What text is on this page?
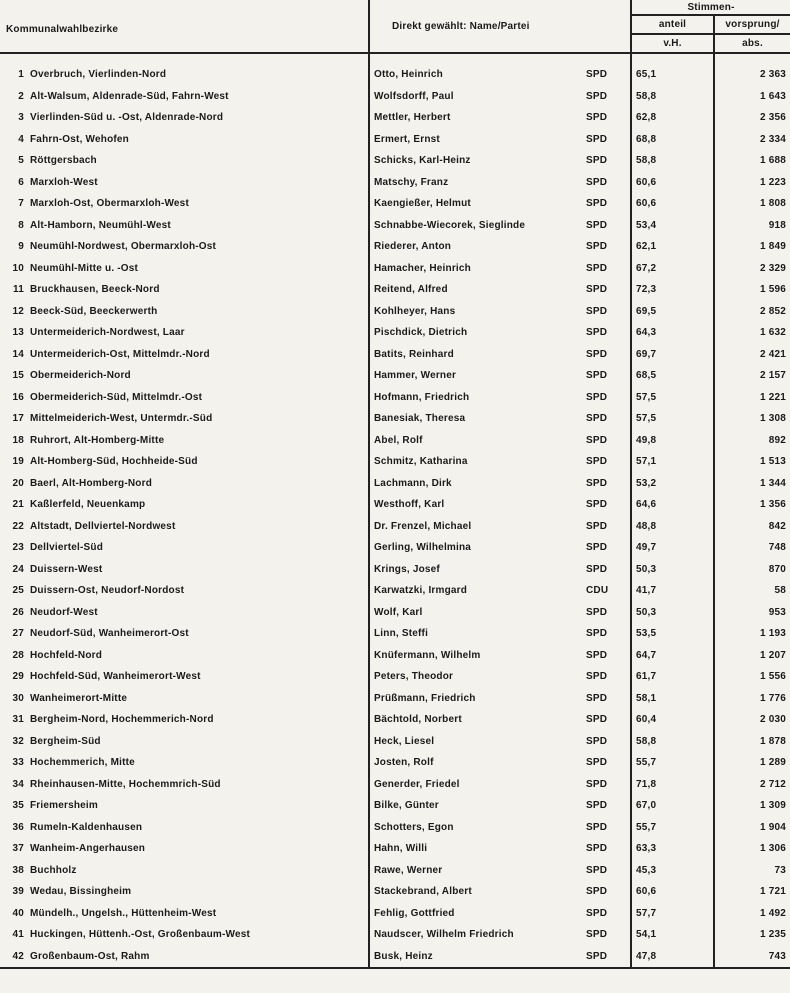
Kommunalwahlbezirke	Direkt gewählt: Name/Partei		Stimmen-	
			anteil	vorsprung/
			v.H.	abs.

1 Overbruch, Vierlinden-Nord	Otto, Heinrich	SPD	65,1	2 363
2 Alt-Walsum, Aldenrade-Süd, Fahrn-West	Wolfsdorff, Paul	SPD	58,8	1 643
3 Vierlinden-Süd u. -Ost, Aldenrade-Nord	Mettler, Herbert	SPD	62,8	2 356
4 Fahrn-Ost, Wehofen	Ermert, Ernst	SPD	68,8	2 334
5 Röttgersbach	Schicks, Karl-Heinz	SPD	58,8	1 688
6 Marxloh-West	Matschy, Franz	SPD	60,6	1 223
7 Marxloh-Ost, Obermarxloh-West	Kaengießer, Helmut	SPD	60,6	1 808
8 Alt-Hamborn, Neumühl-West	Schnabbe-Wiecorek, Sieglinde	SPD	53,4	918
9 Neumühl-Nordwest, Obermarxloh-Ost	Riederer, Anton	SPD	62,1	1 849
10 Neumühl-Mitte u. -Ost	Hamacher, Heinrich	SPD	67,2	2 329
11 Bruckhausen, Beeck-Nord	Reitend, Alfred	SPD	72,3	1 596
12 Beeck-Süd, Beeckerwerth	Kohlheyer, Hans	SPD	69,5	2 852
13 Untermeiderich-Nordwest, Laar	Pischdick, Dietrich	SPD	64,3	1 632
14 Untermeiderich-Ost, Mittelmdr.-Nord	Batits, Reinhard	SPD	69,7	2 421
15 Obermeiderich-Nord	Hammer, Werner	SPD	68,5	2 157
16 Obermeiderich-Süd, Mittelmdr.-Ost	Hofmann, Friedrich	SPD	57,5	1 221
17 Mittelmeiderich-West, Untermdr.-Süd	Banesiak, Theresa	SPD	57,5	1 308
18 Ruhrort, Alt-Homberg-Mitte	Abel, Rolf	SPD	49,8	892
19 Alt-Homberg-Süd, Hochheide-Süd	Schmitz, Katharina	SPD	57,1	1 513
20 Baerl, Alt-Homberg-Nord	Lachmann, Dirk	SPD	53,2	1 344
21 Kaßlerfeld, Neuenkamp	Westhoff, Karl	SPD	64,6	1 356
22 Altstadt, Dellviertel-Nordwest	Dr. Frenzel, Michael	SPD	48,8	842
23 Dellviertel-Süd	Gerling, Wilhelmina	SPD	49,7	748
24 Duissern-West	Krings, Josef	SPD	50,3	870
25 Duissern-Ost, Neudorf-Nordost	Karwatzki, Irmgard	CDU	41,7	58
26 Neudorf-West	Wolf, Karl	SPD	50,3	953
27 Neudorf-Süd, Wanheimerort-Ost	Linn, Steffi	SPD	53,5	1 193
28 Hochfeld-Nord	Knüfermann, Wilhelm	SPD	64,7	1 207
29 Hochfeld-Süd, Wanheimerort-West	Peters, Theodor	SPD	61,7	1 556
30 Wanheimerort-Mitte	Prüßmann, Friedrich	SPD	58,1	1 776
31 Bergheim-Nord, Hochemmerich-Nord	Bächtold, Norbert	SPD	60,4	2 030
32 Bergheim-Süd	Heck, Liesel	SPD	58,8	1 878
33 Hochemmerich, Mitte	Josten, Rolf	SPD	55,7	1 289
34 Rheinhausen-Mitte, Hochemmrich-Süd	Generder, Friedel	SPD	71,8	2 712
35 Friemersheim	Bilke, Günter	SPD	67,0	1 309
36 Rumeln-Kaldenhausen	Schotters, Egon	SPD	55,7	1 904
37 Wanheim-Angerhausen	Hahn, Willi	SPD	63,3	1 306
38 Buchholz	Rawe, Werner	SPD	45,3	73
39 Wedau, Bissingheim	Stackebrand, Albert	SPD	60,6	1 721
40 Mündelh., Ungelsh., Hüttenheim-West	Fehlig, Gottfried	SPD	57,7	1 492
41 Huckingen, Hüttenh.-Ost, Großenbaum-West	Naudscer, Wilhelm Friedrich	SPD	54,1	1 235
42 Großenbaum-Ost, Rahm	Busk, Heinz	SPD	47,8	743
